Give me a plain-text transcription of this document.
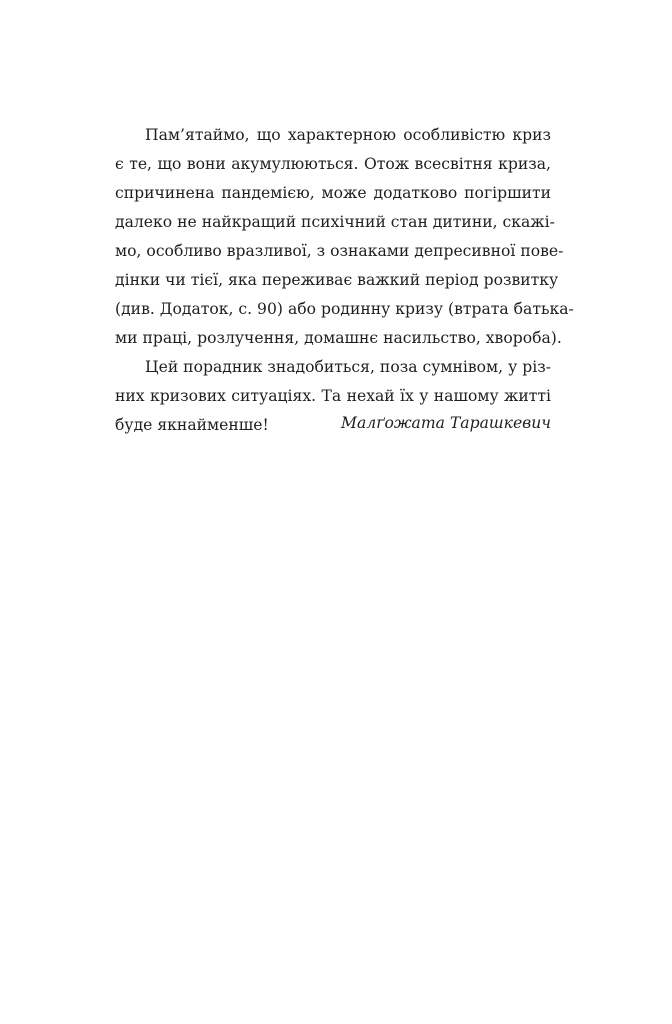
Пам’ятаймо, що характерною особливістю криз
є те, що вони акумулюються. Отож всесвітня криза,
спричинена пандемією, може додатково погіршити
далеко не найкращий психічний стан дитини, скажі-
мо, особливо вразливої, з ознаками депресивної пове-
дінки чи тієї, яка переживає важкий період розвитку
(див. Додаток, с. 90) або родинну кризу (втрата батька-
ми праці, розлучення, домашнє насильство, хвороба).
Цей порадник знадобиться, поза сумнівом, у різ-
них кризових ситуаціях. Та нехай їх у нашому житті
буде якнайменше!	Малґожата Тарашкевич
